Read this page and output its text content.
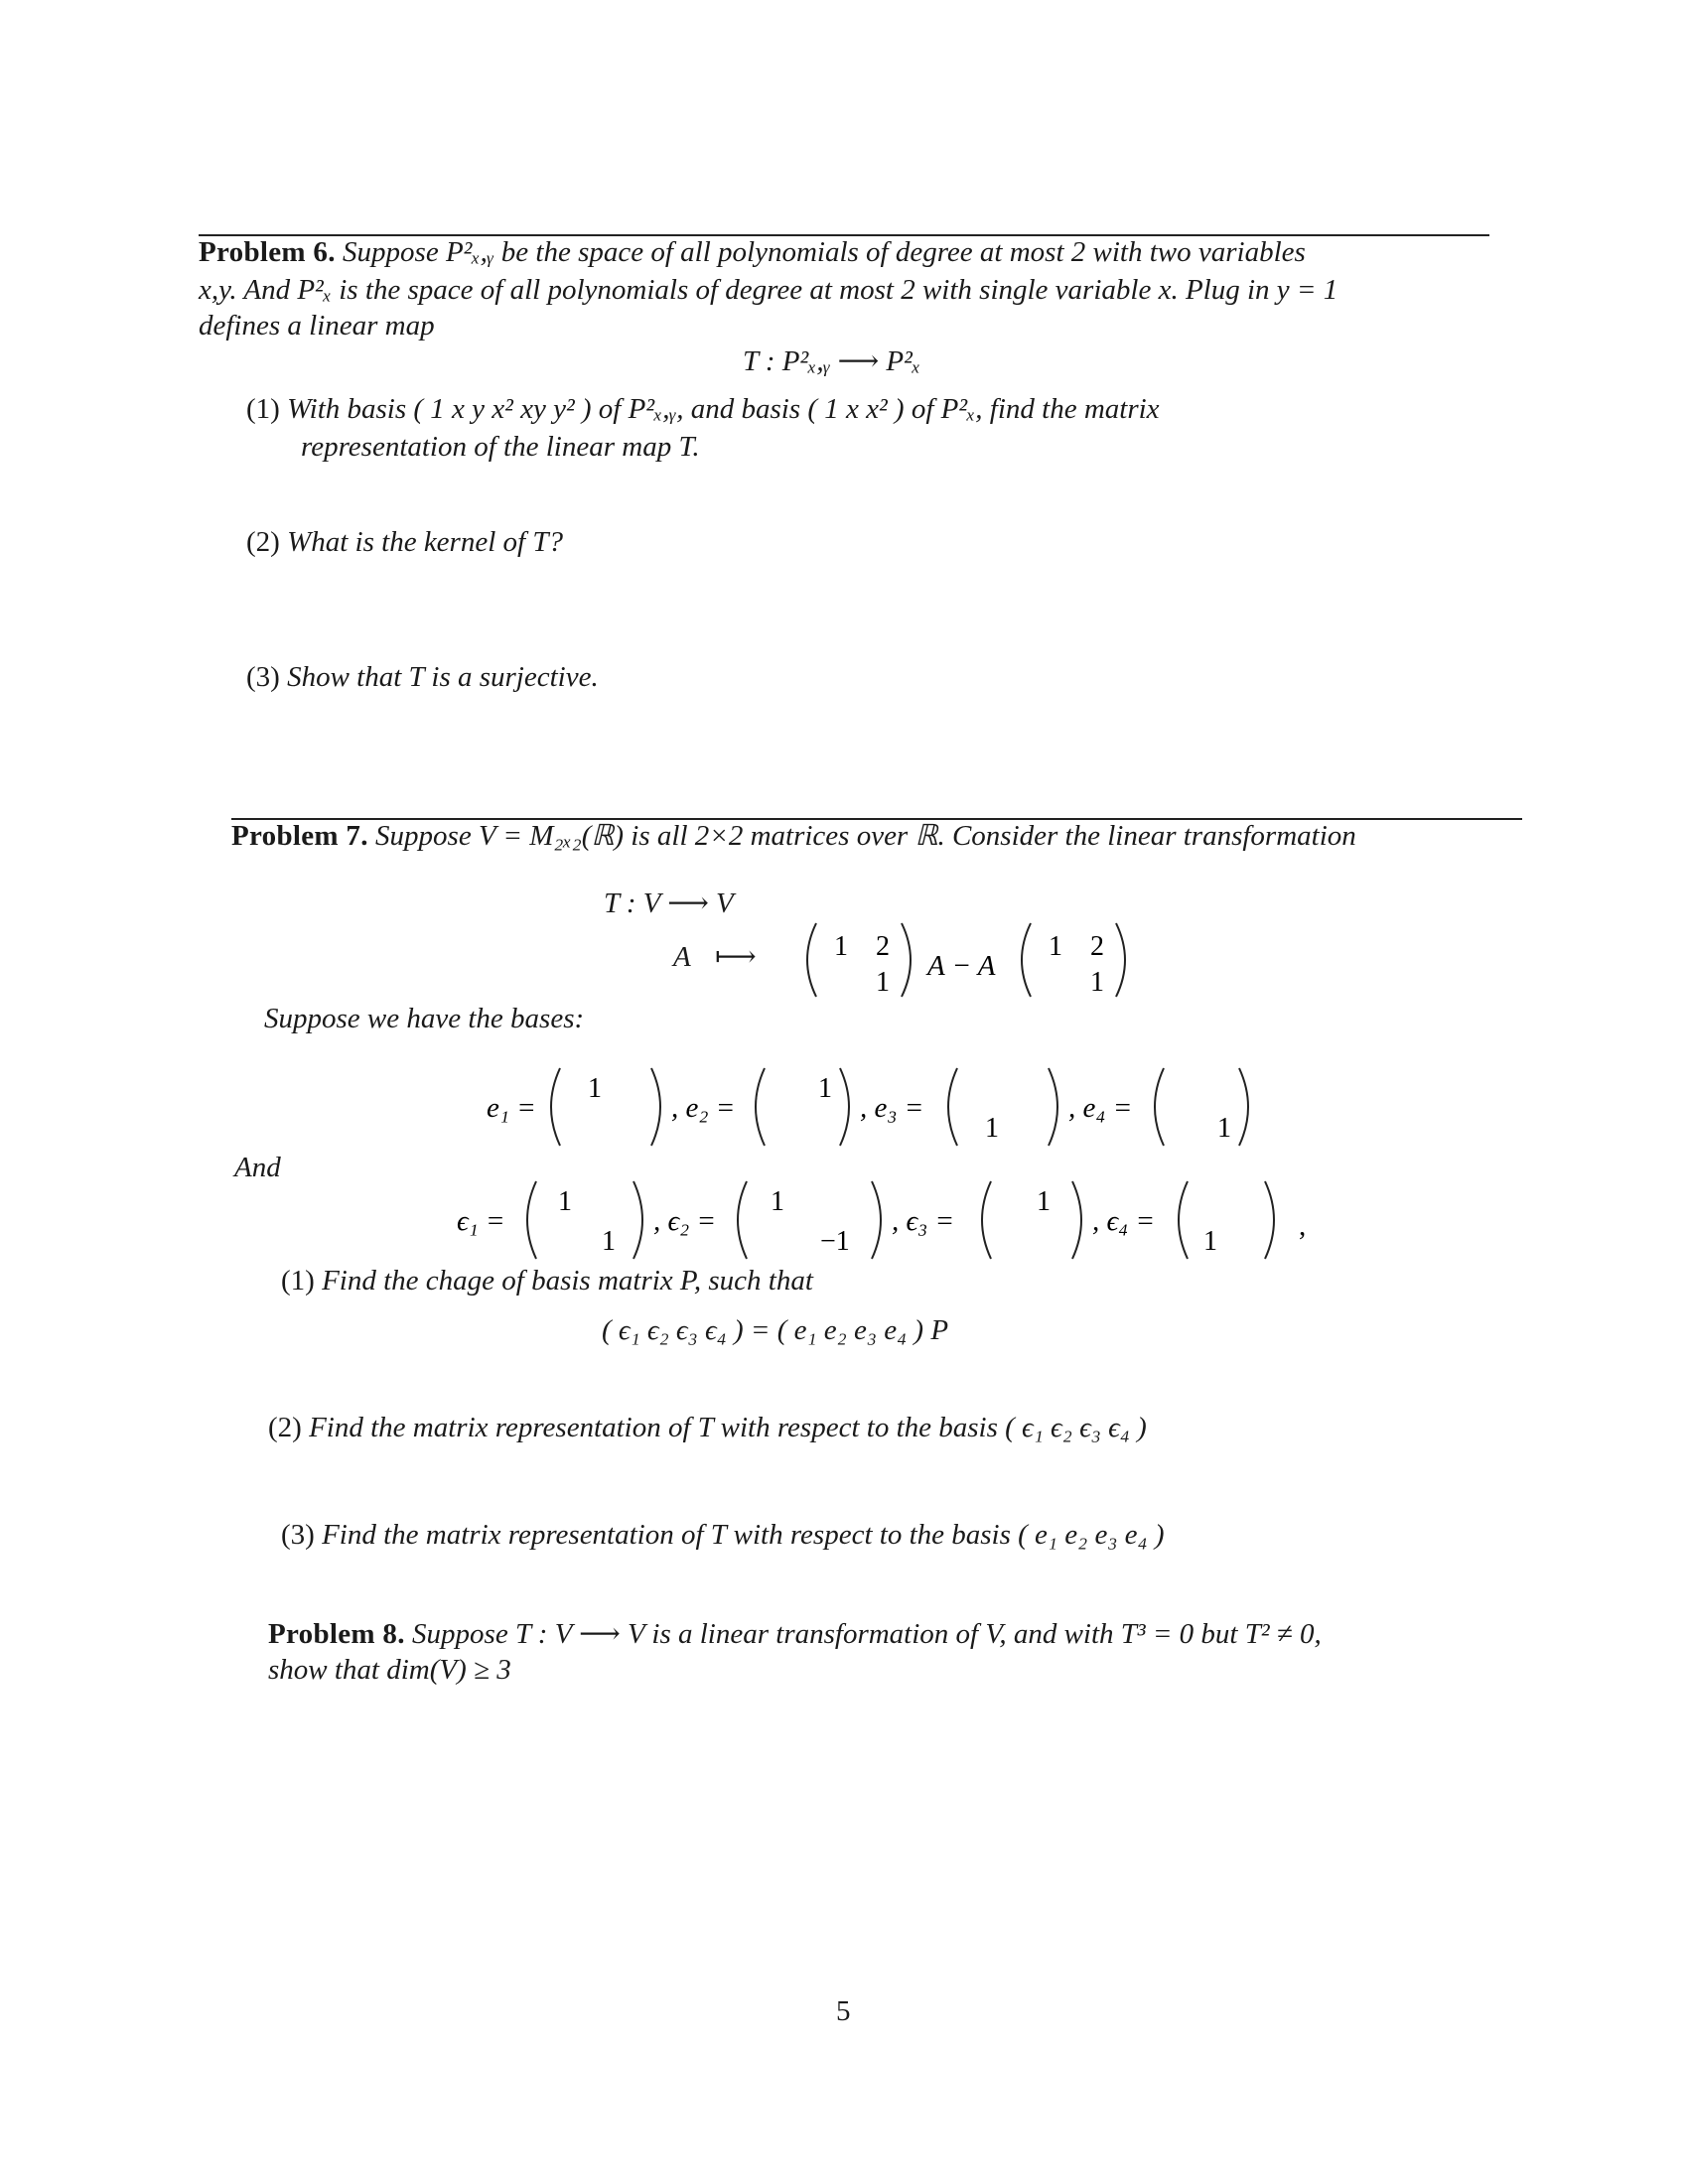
Problem 6. Suppose P²ₓ,ᵧ be the space of all polynomials of degree at most 2 with two variables
x,y. And P²ₓ is the space of all polynomials of degree at most 2 with single variable x. Plug in y = 1
defines a linear map
T : P²ₓ,ᵧ ⟶ P²ₓ
(1) With basis ( 1 x y x² xy y² ) of P²ₓ,ᵧ, and basis ( 1 x x² ) of P²ₓ, find the matrix
representation of the linear map T.
(2) What is the kernel of T?
(3) Show that T is a surjective.
Problem 7. Suppose V = M₂ₓ₂(ℝ) is all 2×2 matrices over ℝ. Consider the linear transformation
T : V ⟶ V
A ⟼	1 2
1
A − A
1 2
1
Suppose we have the bases:
e₁ =
1
, e₂ =
1
, e₃ =
1
, e₄ =
1
And
ϵ₁ =
1
1
, ϵ₂ =
1
−1
, ϵ₃ =
1
, ϵ₄ =
1	,
(1) Find the chage of basis matrix P, such that
( ϵ₁ ϵ₂ ϵ₃ ϵ₄ ) = ( e₁ e₂ e₃ e₄ ) P
(2) Find the matrix representation of T with respect to the basis ( ϵ₁ ϵ₂ ϵ₃ ϵ₄ )
(3) Find the matrix representation of T with respect to the basis ( e₁ e₂ e₃ e₄ )
Problem 8. Suppose T : V ⟶ V is a linear transformation of V, and with T³ = 0 but T² ≠ 0,
show that dim(V) ≥ 3
5
